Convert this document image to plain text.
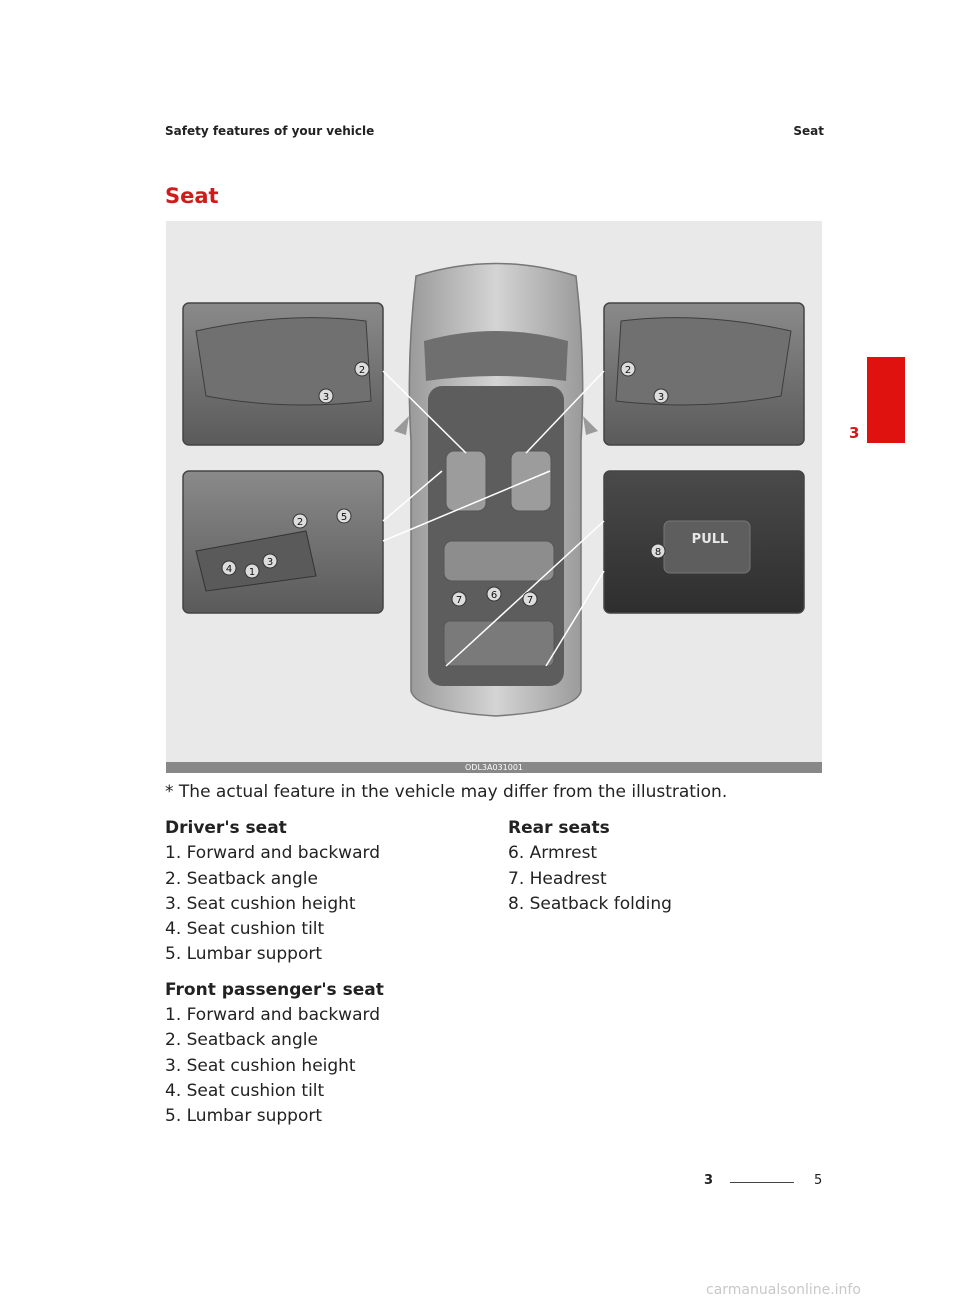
Safety features of your vehicle	Seat
Seat
3
2
3
2
3
2	5
3
4 1
8
7	6	7
PULL
ODL3A031001
* The actual feature in the vehicle may differ from the illustration.
Driver's seat
1. Forward and backward
2. Seatback angle
3. Seat cushion height
4. Seat cushion tilt
5. Lumbar support
Front passenger's seat
1. Forward and backward
2. Seatback angle
3. Seat cushion height
4. Seat cushion tilt
5. Lumbar support
Rear seats
6. Armrest
7. Headrest
8. Seatback folding
3	5
carmanualsonline.info
